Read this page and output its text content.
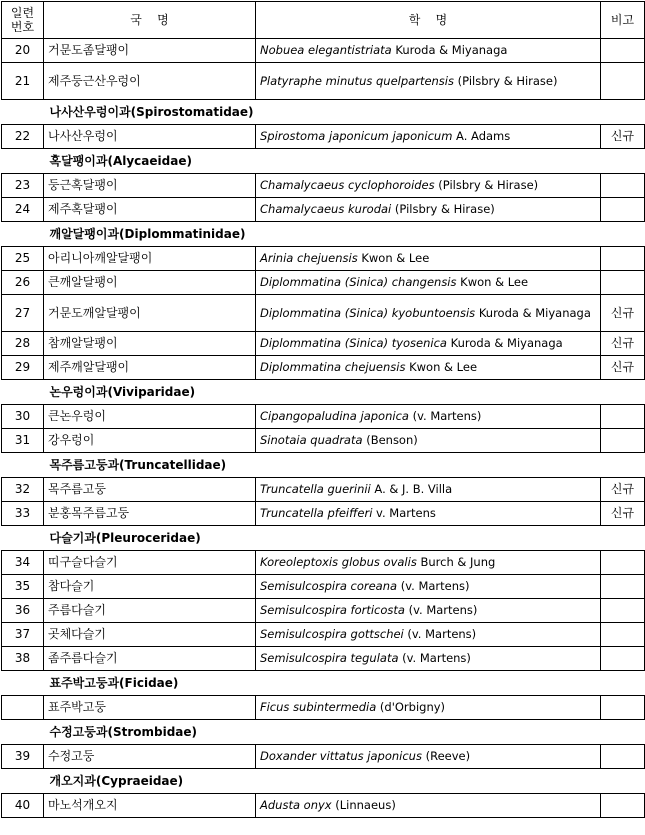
일련
번호	국    명	학    명	비고
20	거문도좀달팽이	Nobuea elegantistriata Kuroda & Miyanaga	
21	제주둥근산우렁이	Platyraphe minutus quelpartensis (Pilsbry & Hirase)	
나사산우렁이과(Spirostomatidae)			
22	나사산우렁이	Spirostoma japonicum japonicum A. Adams	신규
혹달팽이과(Alycaeidae)			
23	둥근혹달팽이	Chamalycaeus cyclophoroides (Pilsbry & Hirase)	
24	제주혹달팽이	Chamalycaeus kurodai (Pilsbry & Hirase)	
깨알달팽이과(Diplommatinidae)			
25	아리니아깨알달팽이	Arinia chejuensis Kwon & Lee	
26	큰깨알달팽이	Diplommatina (Sinica) changensis Kwon & Lee	
27	거문도깨알달팽이	Diplommatina (Sinica) kyobuntoensis Kuroda & Miyanaga	신규
28	참깨알달팽이	Diplommatina (Sinica) tyosenica Kuroda & Miyanaga	신규
29	제주깨알달팽이	Diplommatina chejuensis Kwon & Lee	신규
논우렁이과(Viviparidae)			
30	큰논우렁이	Cipangopaludina japonica (v. Martens)	
31	강우렁이	Sinotaia quadrata (Benson)	
목주름고둥과(Truncatellidae)			
32	목주름고둥	Truncatella guerinii A. & J. B. Villa	신규
33	분홍목주름고둥	Truncatella pfeifferi v. Martens	신규
다슬기과(Pleuroceridae)			
34	띠구슬다슬기	Koreoleptoxis globus ovalis Burch & Jung	
35	참다슬기	Semisulcospira coreana (v. Martens)	
36	주름다슬기	Semisulcospira forticosta (v. Martens)	
37	곳체다슬기	Semisulcospira gottschei (v. Martens)	
38	좀주름다슬기	Semisulcospira tegulata (v. Martens)	
표주박고둥과(Ficidae)			
	표주박고둥	Ficus subintermedia (d'Orbigny)	
수정고둥과(Strombidae)			
39	수정고둥	Doxander vittatus japonicus (Reeve)	
개오지과(Cypraeidae)			
40	마노석개오지	Adusta onyx (Linnaeus)	
